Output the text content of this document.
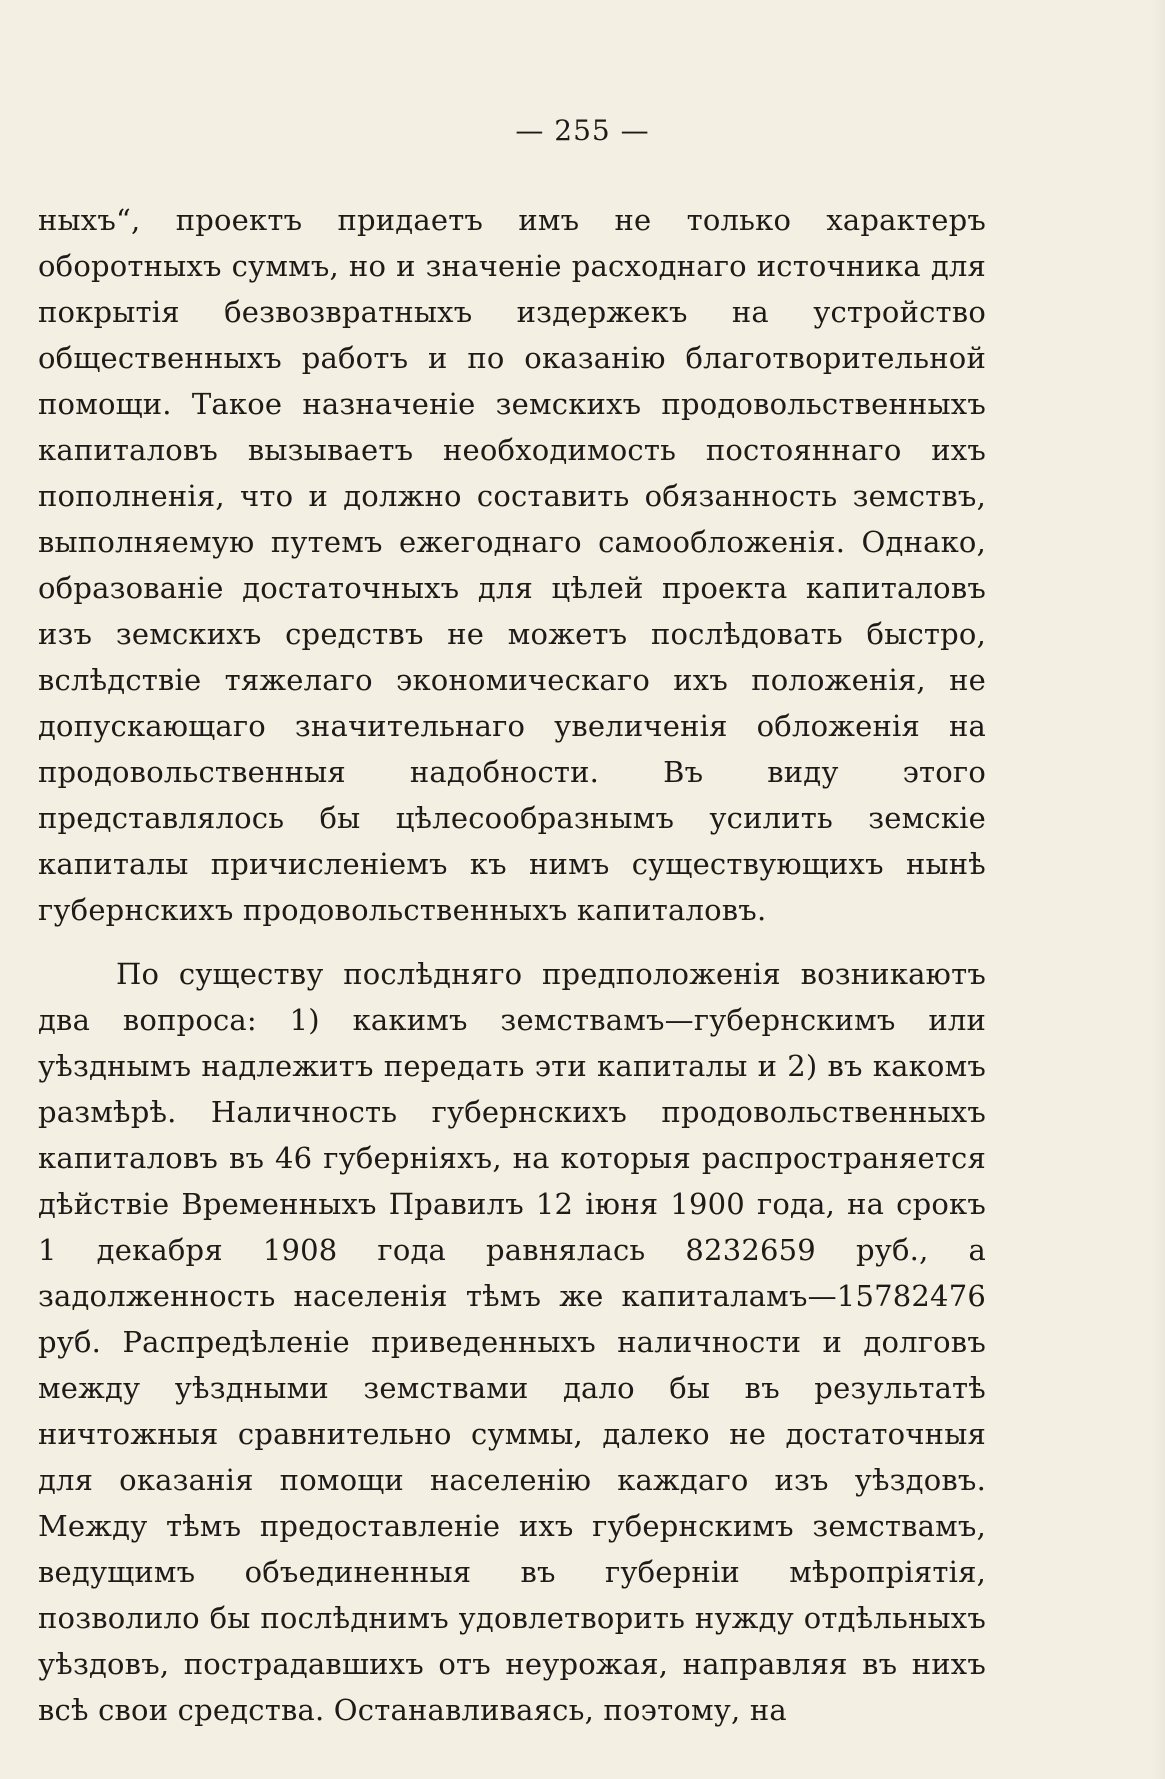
— 255 —

ныхъ“, проектъ придаетъ имъ не только характеръ оборотныхъ суммъ, но и значеніе расходнаго источника для покрытія безвозвратныхъ издержекъ на устройство общественныхъ работъ и по оказанію благотворительной помощи. Такое назначеніе земскихъ продовольственныхъ капиталовъ вызываетъ необходимость постояннаго ихъ пополненія, что и должно составить обязанность земствъ, выполняемую путемъ ежегоднаго самообложенія. Однако, образованіе достаточныхъ для цѣлей проекта капиталовъ изъ земскихъ средствъ не можетъ послѣдовать быстро, вслѣдствіе тяжелаго экономическаго ихъ положенія, не допускающаго значительнаго увеличенія обложенія на продовольственныя надобности. Въ виду этого представлялось бы цѣлесообразнымъ усилить земскіе капиталы причисленіемъ къ нимъ существующихъ нынѣ губернскихъ продовольственныхъ капиталовъ.

По существу послѣдняго предположенія возникаютъ два вопроса: 1) какимъ земствамъ—губернскимъ или уѣзднымъ надлежитъ передать эти капиталы и 2) въ какомъ размѣрѣ. Наличность губернскихъ продовольственныхъ капиталовъ въ 46 губерніяхъ, на которыя распространяется дѣйствіе Временныхъ Правилъ 12 іюня 1900 года, на срокъ 1 декабря 1908 года равнялась 8232659 руб., а задолженность населенія тѣмъ же капиталамъ—15782476 руб. Распредѣленіе приведенныхъ наличности и долговъ между уѣздными земствами дало бы въ результатѣ ничтожныя сравнительно суммы, далеко не достаточныя для оказанія помощи населенію каждаго изъ уѣздовъ. Между тѣмъ предоставленіе ихъ губернскимъ земствамъ, ведущимъ объединенныя въ губерніи мѣропріятія, позволило бы послѣднимъ удовлетворить нужду отдѣльныхъ уѣздовъ, пострадавшихъ отъ неурожая, направляя въ нихъ всѣ свои средства. Останавливаясь, поэтому, на
